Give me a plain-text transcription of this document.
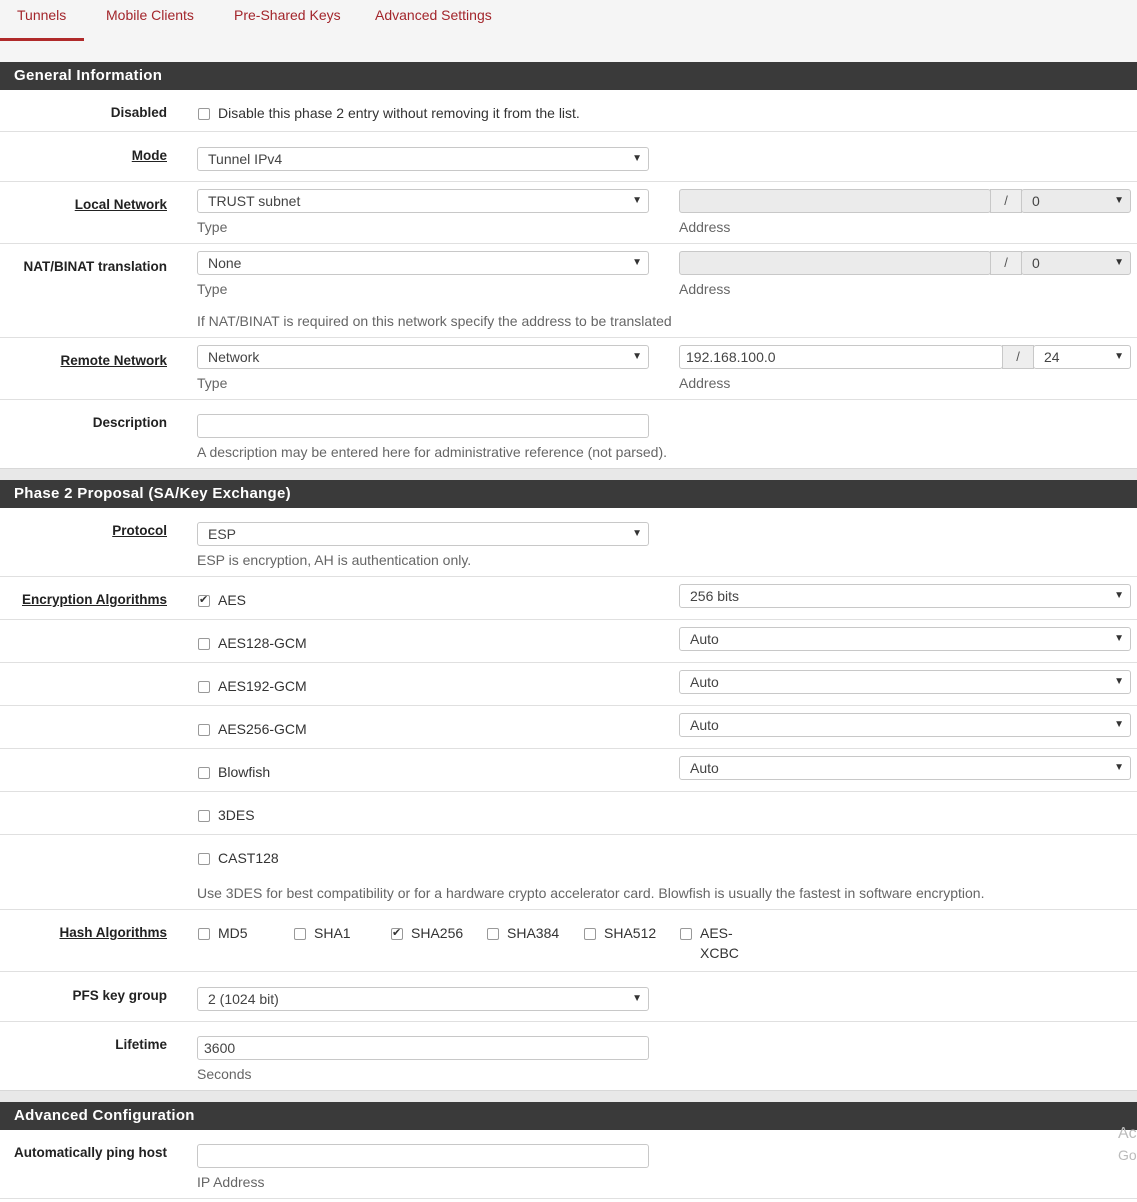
Tunnels	Mobile Clients	Pre-Shared Keys Advanced Settings
General Information
Disabled	Disable this phase 2 entry without removing it from the list.
Mode	Tunnel IPv4	▼
Local Network	TRUST subnet	▼
Type
/	0	▼
Address
NAT/BINAT translation	None	▼
Type
/	0	▼
Address
If NAT/BINAT is required on this network specify the address to be translated
Remote Network	Network	▼
Type
192.168.100.0	/	24	▼
Address
Description
A description may be entered here for administrative reference (not parsed).
Phase 2 Proposal (SA/Key Exchange)
Protocol	ESP	▼
ESP is encryption, AH is authentication only.
Encryption Algorithms ✔	AES	256 bits	▼
AES128-GCM	Auto	▼
AES192-GCM	Auto	▼
AES256-GCM	Auto	▼
Blowfish	Auto	▼
3DES
CAST128
Use 3DES for best compatibility or for a hardware crypto accelerator card. Blowfish is usually the fastest in software encryption.
Hash Algorithms	MD5	SHA1 ✔	SHA256	SHA384	SHA512	AES-
XCBC
PFS key group	2 (1024 bit)	▼
Lifetime	3600
Seconds
Advanced Configuration
Automatically ping host
IP Address
Ac
Go
